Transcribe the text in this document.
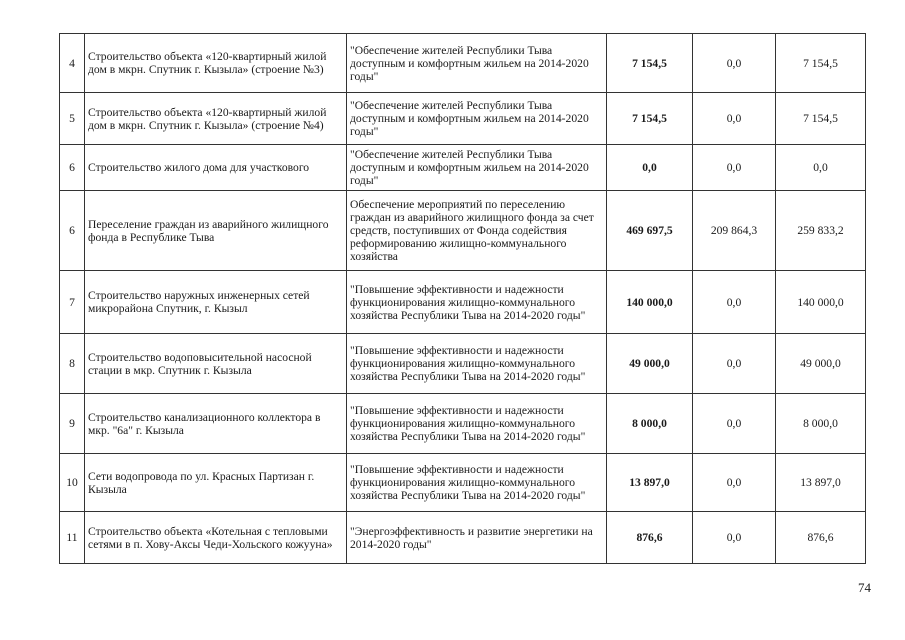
4	Строительство объекта «120-квартирный жилой дом в мкрн. Спутник г. Кызыла» (строение №3)	"Обеспечение жителей Республики Тыва доступным и комфортным жильем на 2014-2020 годы"	7 154,5	0,0	7 154,5
5	Строительство объекта «120-квартирный жилой дом в мкрн. Спутник г. Кызыла» (строение №4)	"Обеспечение жителей Республики Тыва доступным и комфортным жильем на 2014-2020 годы"	7 154,5	0,0	7 154,5
6	Строительство жилого дома для участкового	"Обеспечение жителей Республики Тыва доступным и комфортным жильем на 2014-2020 годы"	0,0	0,0	0,0
6	Переселение граждан из аварийного жилищного фонда в Республике Тыва	Обеспечение мероприятий по переселению граждан из аварийного жилищного фонда за счет средств, поступивших от Фонда содействия реформированию жилищно-коммунального хозяйства	469 697,5	209 864,3	259 833,2
7	Строительство наружных инженерных сетей микрорайона Спутник, г. Кызыл	"Повышение эффективности и надежности функционирования жилищно-коммунального хозяйства Республики Тыва на 2014-2020 годы"	140 000,0	0,0	140 000,0
8	Строительство водоповысительной насосной стации в мкр. Спутник г. Кызыла	"Повышение эффективности и надежности функционирования жилищно-коммунального хозяйства Республики Тыва на 2014-2020 годы"	49 000,0	0,0	49 000,0
9	Строительство канализационного коллектора в мкр. "6а" г. Кызыла	"Повышение эффективности и надежности функционирования жилищно-коммунального хозяйства Республики Тыва на 2014-2020 годы"	8 000,0	0,0	8 000,0
10	Сети водопровода по ул. Красных Партизан г. Кызыла	"Повышение эффективности и надежности функционирования жилищно-коммунального хозяйства Республики Тыва на 2014-2020 годы"	13 897,0	0,0	13 897,0
11	Строительство объекта «Котельная с тепловыми сетями в п. Хову-Аксы Чеди-Хольского кожууна»	"Энергоэффективность и развитие энергетики на 2014-2020 годы"	876,6	0,0	876,6
74
